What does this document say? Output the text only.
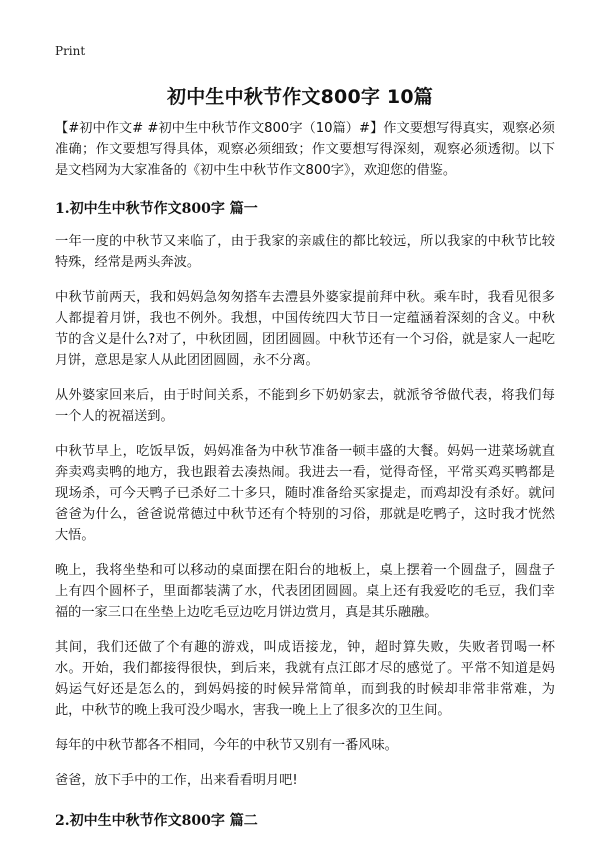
Print
初中生中秋节作文800字 10篇

【#初中作文# #初中生中秋节作文800字（10篇）#】作文要想写得真实，观察必须准确；作文要想写得具体，观察必须细致；作文要想写得深刻，观察必须透彻。以下是文档网为大家准备的《初中生中秋节作文800字》，欢迎您的借鉴。

1.初中生中秋节作文800字 篇一

一年一度的中秋节又来临了，由于我家的亲戚住的都比较远，所以我家的中秋节比较特殊，经常是两头奔波。

中秋节前两天，我和妈妈急匆匆搭车去澧县外婆家提前拜中秋。乘车时，我看见很多人都提着月饼，我也不例外。我想，中国传统四大节日一定蕴涵着深刻的含义。中秋节的含义是什么?对了，中秋团圆，团团圆圆。中秋节还有一个习俗，就是家人一起吃月饼，意思是家人从此团团圆圆，永不分离。

从外婆家回来后，由于时间关系，不能到乡下奶奶家去，就派爷爷做代表，将我们每一个人的祝福送到。

中秋节早上，吃饭早饭，妈妈准备为中秋节准备一顿丰盛的大餐。妈妈一进菜场就直奔卖鸡卖鸭的地方，我也跟着去凑热闹。我进去一看，觉得奇怪，平常买鸡买鸭都是现场杀，可今天鸭子已杀好二十多只，随时准备给买家提走，而鸡却没有杀好。就问爸爸为什么，爸爸说常德过中秋节还有个特别的习俗，那就是吃鸭子，这时我才恍然大悟。

晚上，我将坐垫和可以移动的桌面摆在阳台的地板上，桌上摆着一个圆盘子，圆盘子上有四个圆杯子，里面都装满了水，代表团团圆圆。桌上还有我爱吃的毛豆，我们幸福的一家三口在坐垫上边吃毛豆边吃月饼边赏月，真是其乐融融。

其间，我们还做了个有趣的游戏，叫成语接龙，钟，超时算失败，失败者罚喝一杯水。开始，我们都接得很快，到后来，我就有点江郎才尽的感觉了。平常不知道是妈妈运气好还是怎么的，到妈妈接的时候异常简单，而到我的时候却非常非常难，为此，中秋节的晚上我可没少喝水，害我一晚上上了很多次的卫生间。

每年的中秋节都各不相同，今年的中秋节又别有一番风味。

爸爸，放下手中的工作，出来看看明月吧!

2.初中生中秋节作文800字 篇二
